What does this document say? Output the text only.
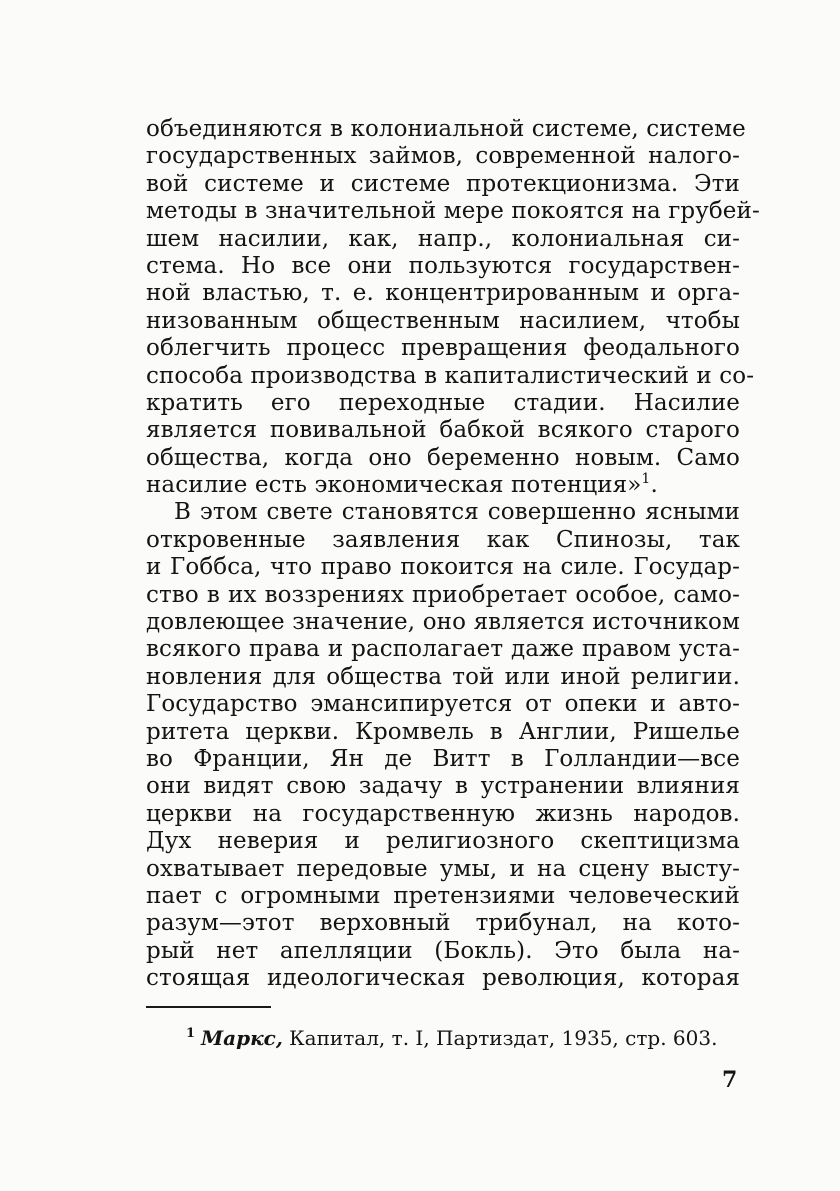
объединяются в колониальной системе, системе
государственных займов, современной налого-
вой системе и системе протекционизма. Эти
методы в значительной мере покоятся на грубей-
шем насилии, как, напр., колониальная си-
стема. Но все они пользуются государствен-
ной властью, т. е. концентрированным и орга-
низованным общественным насилием, чтобы
облегчить процесс превращения феодального
способа производства в капиталистический и со-
кратить его переходные стадии. Насилие
является повивальной бабкой всякого старого
общества, когда оно беременно новым. Само
насилие есть экономическая потенция»$^1$.
В этом свете становятся совершенно ясными
откровенные заявления как Спинозы, так
и Гоббса, что право покоится на силе. Государ-
ство в их воззрениях приобретает особое, само-
довлеющее значение, оно является источником
всякого права и располагает даже правом уста-
новления для общества той или иной религии.
Государство эмансипируется от опеки и авто-
ритета церкви. Кромвель в Англии, Ришелье
во Франции, Ян де Витт в Голландии—все
они видят свою задачу в устранении влияния
церкви на государственную жизнь народов.
Дух неверия и религиозного скептицизма
охватывает передовые умы, и на сцену высту-
пает с огромными претензиями человеческий
разум—этот верховный трибунал, на кото-
рый нет апелляции (Бокль). Это была на-
стоящая идеологическая революция, которая
$^1$ Маркс, Капитал, т. I, Партиздат, 1935, стр. 603.
7
